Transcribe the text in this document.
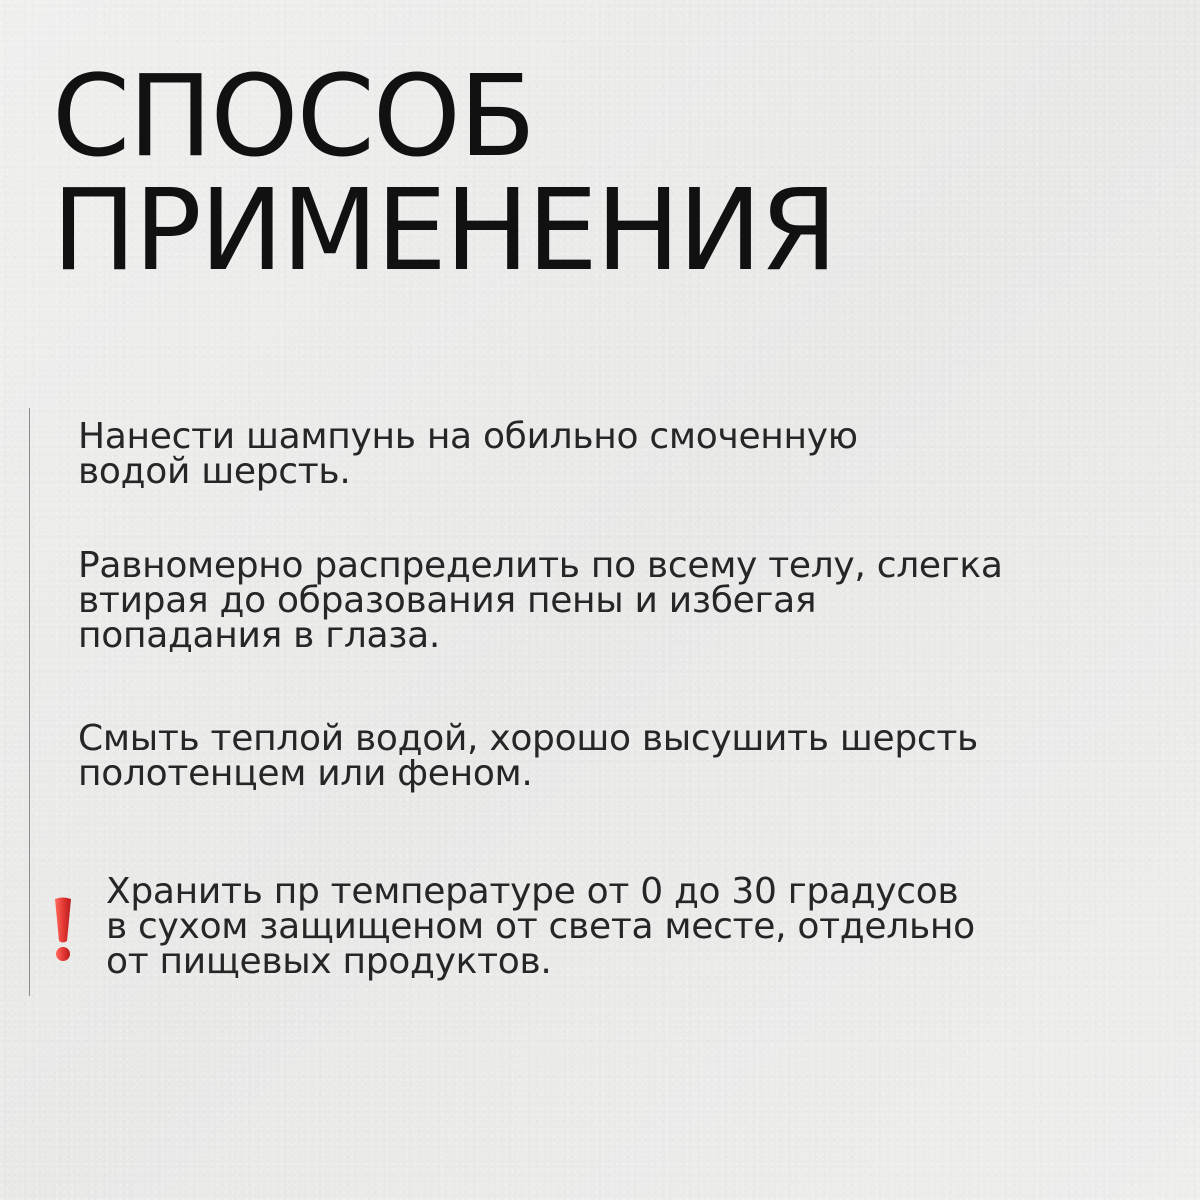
СПОСОБ
ПРИМЕНЕНИЯ

Нанести шампунь на обильно смоченную
водой шерсть.

Равномерно распределить по всему телу, слегка
втирая до образования пены и избегая
попадания в глаза.

Смыть теплой водой, хорошо высушить шерсть
полотенцем или феном.

Хранить пр температуре от 0 до 30 градусов
в сухом защищеном от света месте, отдельно
от пищевых продуктов.
